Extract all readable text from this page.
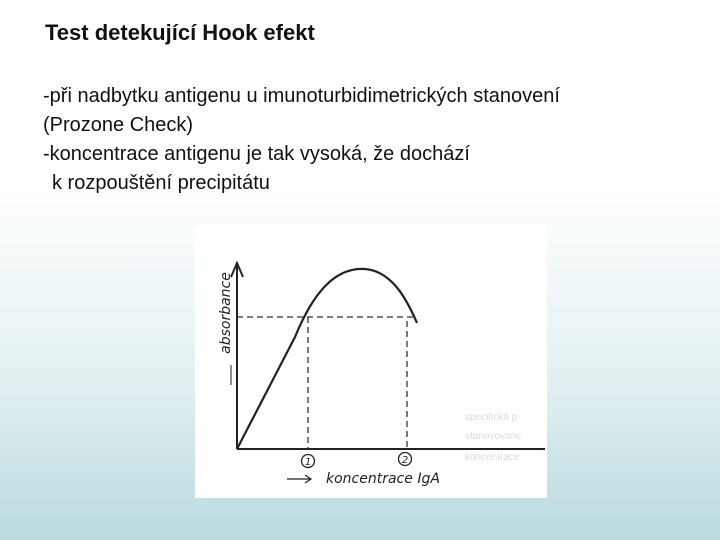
Test detekující Hook efekt
-při nadbytku antigenu u imunoturbidimetrických stanovení
(Prozone Check)
-koncentrace antigenu je tak vysoká, že dochází
k rozpouštění precipitátu
1	2
absorbance
koncentrace IgA
specifická p
stanovovanc
koncentrace
